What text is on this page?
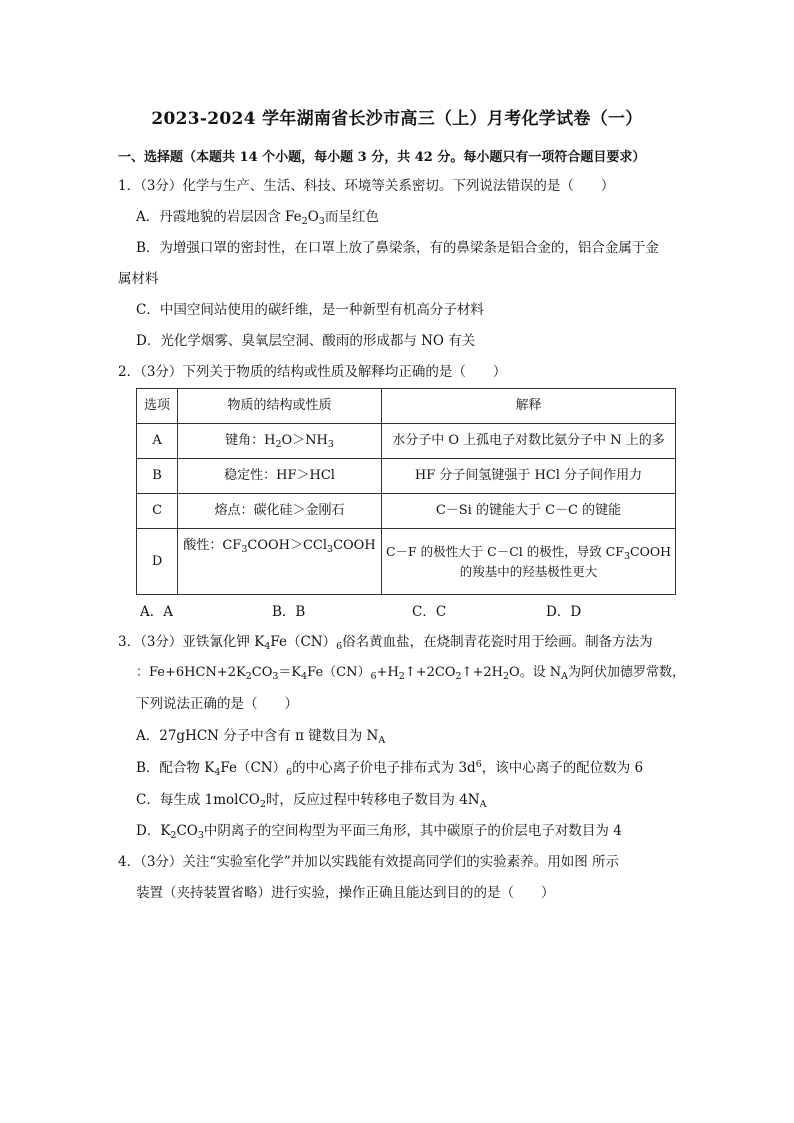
2023-2024 学年湖南省长沙市高三（上）月考化学试卷（一）
一、选择题（本题共 14 个小题，每小题 3 分，共 42 分。每小题只有一项符合题目要求）
1．（3分）化学与生产、生活、科技、环境等关系密切。下列说法错误的是（　　）
A．丹霞地貌的岩层因含 $Fe_2O_3$而呈红色
B．为增强口罩的密封性，在口罩上放了鼻梁条，有的鼻梁条是铝合金的，铝合金属于金
属材料
C．中国空间站使用的碳纤维，是一种新型有机高分子材料
D．光化学烟雾、臭氧层空洞、酸雨的形成都与 NO 有关
2．（3分）下列关于物质的结构或性质及解释均正确的是（　　）
选项	物质的结构或性质	解释
A	键角：$H_2O>NH_3$	水分子中 O 上孤电子对数比氨分子中 N 上的多
B	稳定性：HF＞HCl	HF 分子间氢键强于 HCl 分子间作用力
C	熔点：碳化硅＞金刚石	C－Si 的键能大于 C－C 的键能
D	酸性：$CF_3COOH>CCl_3COOH$	C－F 的极性大于 C－Cl 的极性，导致 $CF_3COOH$
的羧基中的羟基极性更大
A．A	B．B	C．C	D．D
3．（3分）亚铁氰化钾 $K_4Fe(CN)_6$俗名黄血盐，在烧制青花瓷时用于绘画。制备方法为
：$Fe+6HCN+2K_2CO_3=K_4Fe(CN)_6+H_2↑+2CO_2↑+2H_2O$。设 $N_A$为阿伏加德罗常数，
下列说法正确的是（　　）
A．27gHCN 分子中含有 π 键数目为 $N_A$
B．配合物 $K_4Fe(CN)_6$的中心离子价电子排布式为 $3d^6$，该中心离子的配位数为 6
C．每生成 1molCO$_2$时，反应过程中转移电子数目为 $4N_A$
D．$K_2CO_3$中阴离子的空间构型为平面三角形，其中碳原子的价层电子对数目为 4
4．（3分）关注“实验室化学”并加以实践能有效提高同学们的实验素养。用如图 所示
装置（夹持装置省略）进行实验，操作正确且能达到目的的是（　　）
